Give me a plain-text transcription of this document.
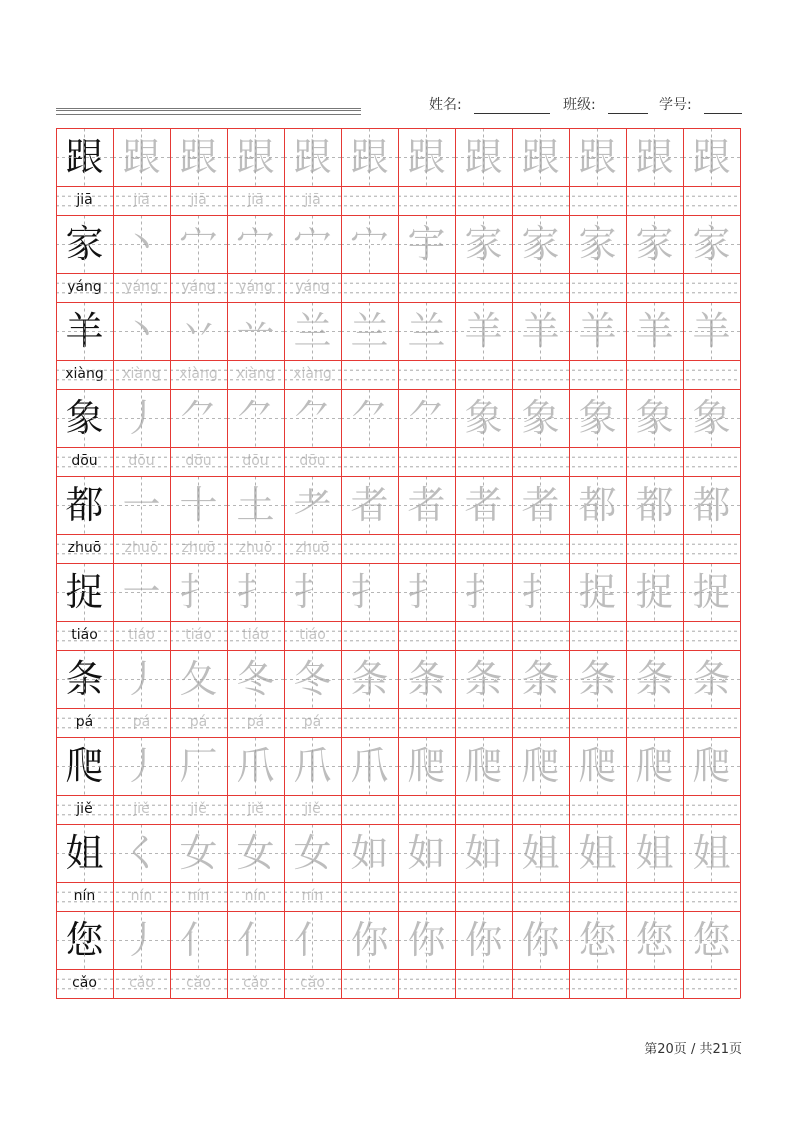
姓名:	班级:	学号:
跟 跟 跟 跟 跟 跟 跟 跟 跟 跟 跟 跟
jiā	jiā	jiā	jiā	jiā
家 丶 宀 宀 宀 宀 宇 家 家 家 家 家
yáng	yáng	yáng	yáng	yáng
羊 丶 丷 䒑 兰 兰 兰 羊 羊 羊 羊 羊
xiàng	xiàng	xiàng	xiàng	xiàng
象 丿 ⺈ ⺈ ⺈ ⺈ ⺈ 象 象 象 象 象
dōu	dōu	dōu	dōu	dōu
都 一 十 土 耂 者 者 者 者 都 都 都
zhuō	zhuō	zhuō	zhuō	zhuō
捉 一 扌 扌 扌 扌 扌 扌 扌 捉 捉 捉
tiáo	tiáo	tiáo	tiáo	tiáo
条 丿 夂 冬 冬 条 条 条 条 条 条 条
pá	pá	pá	pá	pá
爬 丿 厂 爪 爪 爪 爬 爬 爬 爬 爬 爬
jiě	jiě	jiě	jiě	jiě
姐 く 女 女 女 如 如 如 姐 姐 姐 姐
nín	nín	nín	nín	nín
您 丿 亻 亻 亻 你 你 你 你 您 您 您
cǎo	cǎo	cǎo	cǎo	cǎo
第20页 / 共21页
